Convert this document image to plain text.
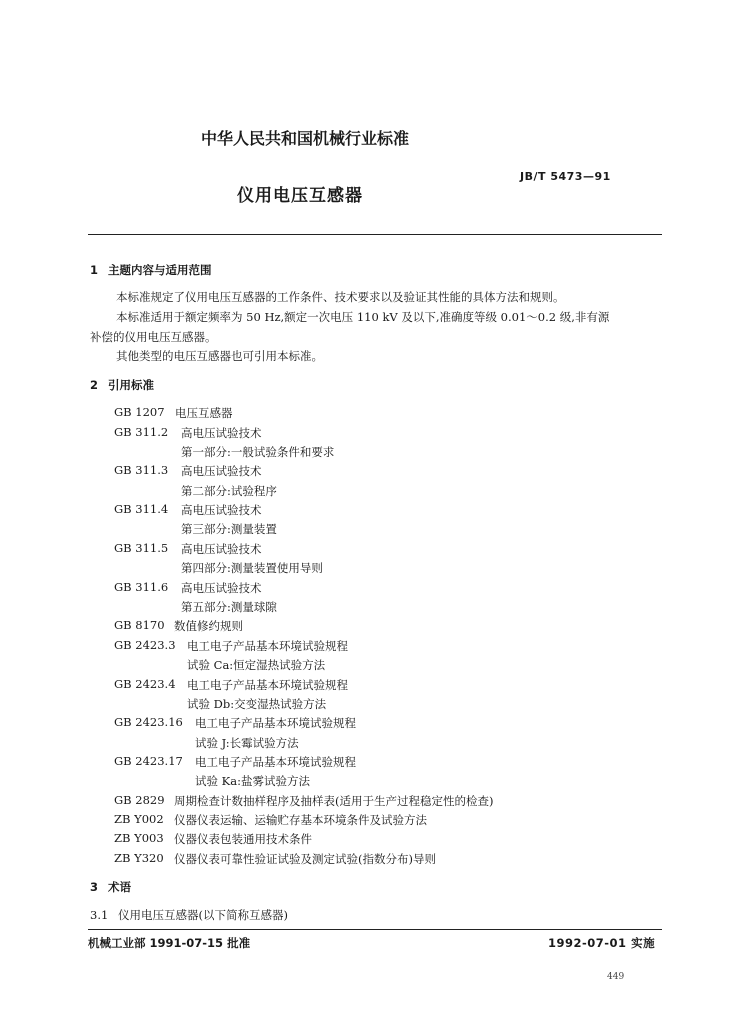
中华人民共和国机械行业标准
仪用电压互感器
JB/T 5473—91
1 主题内容与适用范围
本标准规定了仪用电压互感器的工作条件、技术要求以及验证其性能的具体方法和规则。
本标准适用于额定频率为 50 Hz,额定一次电压 110 kV 及以下,准确度等级 0.01～0.2 级,非有源
补偿的仪用电压互感器。
其他类型的电压互感器也可引用本标准。
2 引用标准
GB 1207 电压互感器
GB 311.2 高电压试验技术
第一部分:一般试验条件和要求
GB 311.3 高电压试验技术
第二部分:试验程序
GB 311.4 高电压试验技术
第三部分:测量装置
GB 311.5 高电压试验技术
第四部分:测量装置使用导则
GB 311.6 高电压试验技术
第五部分:测量球隙
GB 8170 数值修约规则
GB 2423.3 电工电子产品基本环境试验规程
试验 Ca:恒定湿热试验方法
GB 2423.4 电工电子产品基本环境试验规程
试验 Db:交变湿热试验方法
GB 2423.16 电工电子产品基本环境试验规程
试验 J:长霉试验方法
GB 2423.17 电工电子产品基本环境试验规程
试验 Ka:盐雾试验方法
GB 2829 周期检查计数抽样程序及抽样表(适用于生产过程稳定性的检查)
ZB Y002 仪器仪表运输、运输贮存基本环境条件及试验方法
ZB Y003 仪器仪表包装通用技术条件
ZB Y320 仪器仪表可靠性验证试验及测定试验(指数分布)导则
3 术语
3.1 仪用电压互感器(以下简称互感器)
机械工业部 1991-07-15 批准	1992-07-01 实施
449
